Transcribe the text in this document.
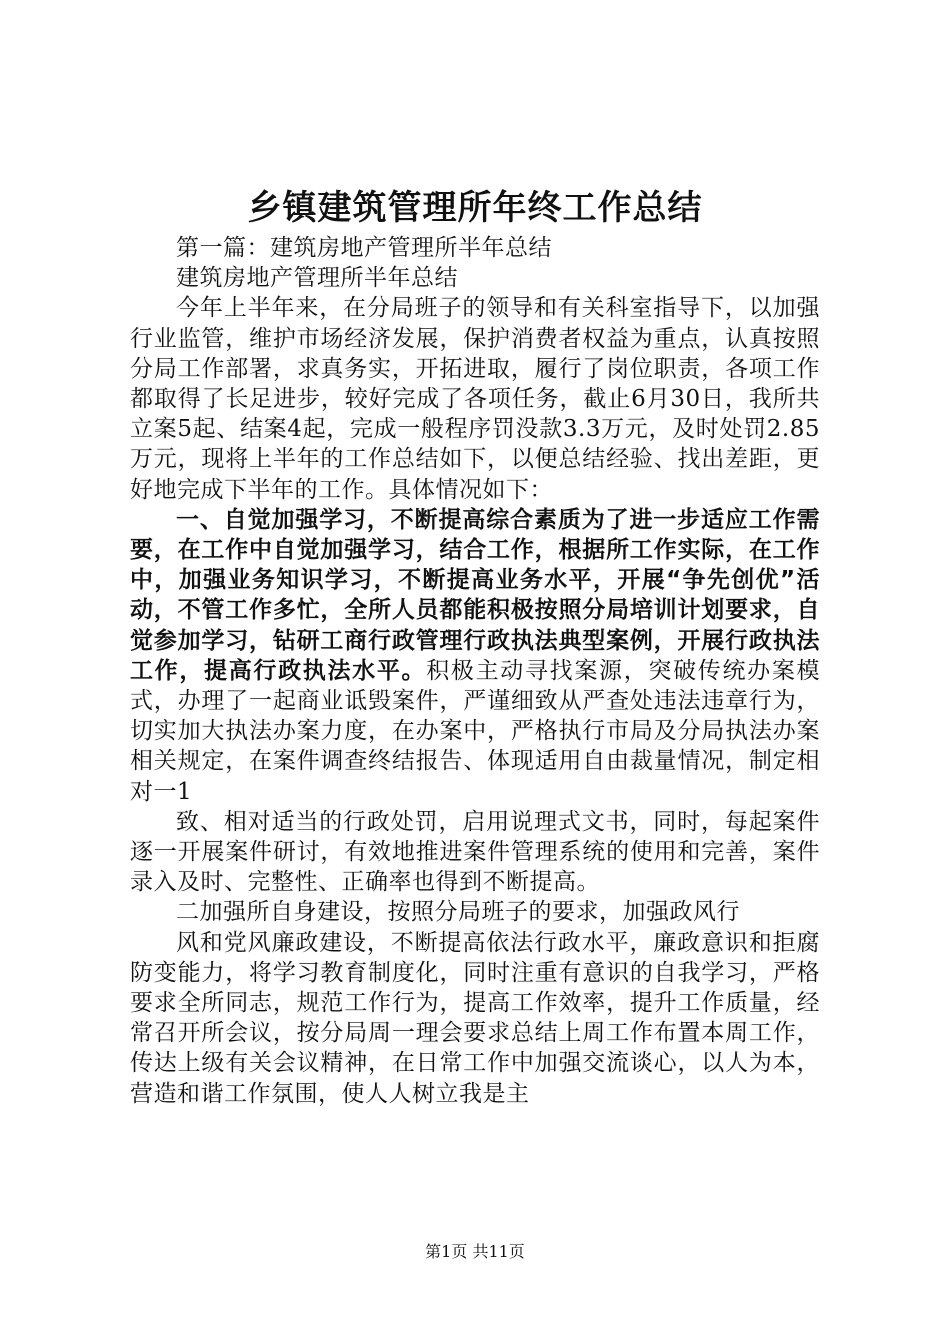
乡镇建筑管理所年终工作总结

第一篇：建筑房地产管理所半年总结

建筑房地产管理所半年总结

今年上半年来，在分局班子的领导和有关科室指导下，以加强行业监管，维护市场经济发展，保护消费者权益为重点，认真按照分局工作部署，求真务实，开拓进取，履行了岗位职责，各项工作都取得了长足进步，较好完成了各项任务，截止6月30日，我所共立案5起、结案4起，完成一般程序罚没款3.3万元，及时处罚2.85万元，现将上半年的工作总结如下，以便总结经验、找出差距，更好地完成下半年的工作。具体情况如下：

一、自觉加强学习，不断提高综合素质为了进一步适应工作需要，在工作中自觉加强学习，结合工作，根据所工作实际，在工作中，加强业务知识学习，不断提高业务水平，开展“争先创优”活动，不管工作多忙，全所人员都能积极按照分局培训计划要求，自觉参加学习，钻研工商行政管理行政执法典型案例，开展行政执法工作，提高行政执法水平。积极主动寻找案源，突破传统办案模式，办理了一起商业诋毁案件，严谨细致从严查处违法违章行为，切实加大执法办案力度，在办案中，严格执行市局及分局执法办案相关规定，在案件调查终结报告、体现适用自由裁量情况，制定相对一1

致、相对适当的行政处罚，启用说理式文书，同时，每起案件逐一开展案件研讨，有效地推进案件管理系统的使用和完善，案件录入及时、完整性、正确率也得到不断提高。

二加强所自身建设，按照分局班子的要求，加强政风行

风和党风廉政建设，不断提高依法行政水平，廉政意识和拒腐防变能力，将学习教育制度化，同时注重有意识的自我学习，严格要求全所同志，规范工作行为，提高工作效率，提升工作质量，经常召开所会议，按分局周一理会要求总结上周工作布置本周工作，传达上级有关会议精神，在日常工作中加强交流谈心，以人为本，营造和谐工作氛围，使人人树立我是主

第1页 共11页
